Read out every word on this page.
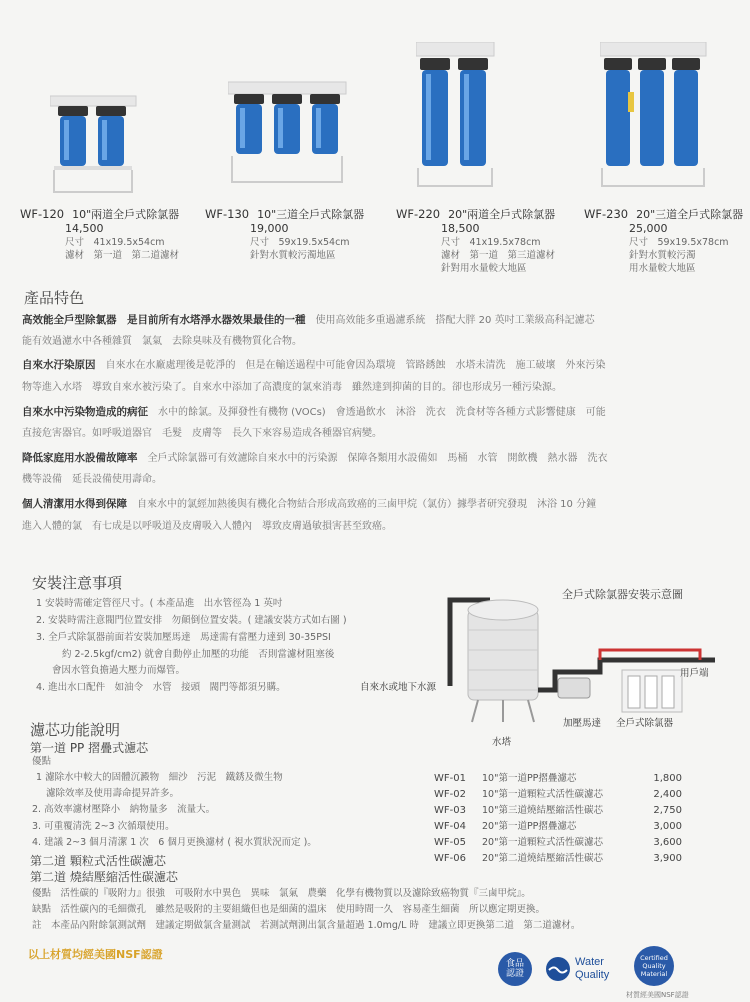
WF-120 10"兩道全戶式除氯器
14,500
尺寸　41x19.5x54cm
濾材　第一道　第二道濾材
WF-130 10"三道全戶式除氯器
19,000
尺寸　59x19.5x54cm
針對水質較污濁地區
WF-220 20"兩道全戶式除氯器
18,500
尺寸　41x19.5x78cm
濾材　第一道　第三道濾材
針對用水量較大地區
WF-230 20"三道全戶式除氯器
25,000
尺寸　59x19.5x78cm
針對水質較污濁
用水量較大地區
產品特色
高效能全戶型除氯器　是目前所有水塔淨水器效果最佳的一種 使用高效能多重過濾系統　搭配大胖 20 英吋工業級高科記濾芯
能有效過濾水中各種雜質　氯氣　去除臭味及有機物質化合物。
自來水汙染原因 自來水在水廠處理後是乾淨的　但是在輸送過程中可能會因為環境　管路銹蝕　水塔未清洗　施工破壞　外來污染
物等進入水塔　導致自來水被污染了。自來水中添加了高濃度的氯來消毒　雖然達到抑菌的目的。卻也形成另一種污染源。
自來水中污染物造成的病征 水中的餘氯。及揮發性有機物 (VOCs)　會透過飲水　沐浴　洗衣　洗食材等各種方式影響健康　可能
直接危害器官。如呼吸道器官　毛髮　皮膚等　長久下來容易造成各種器官病變。
降低家庭用水設備故障率 全戶式除氯器可有效濾除自來水中的污染源　保障各類用水設備如　馬桶　水管　開飲機　熱水器　洗衣
機等設備　延長設備使用壽命。
個人清潔用水得到保障 自來水中的氯經加熱後與有機化合物結合形成高致癌的三鹵甲烷（氯仿）據學者研究發現　沐浴 10 分鐘
進入人體的氯　有七成是以呼吸道及皮膚吸入人體內　導致皮膚過敏損害甚至致癌。
安裝注意事項
1 安裝時需確定管徑尺寸。( 本產品進　出水管徑為 1 英吋
2. 安裝時需注意閥門位置安排　勿顛倒位置安裝。( 建議安裝方式如右圖 )
3. 全戶式除氯器前面若安裝加壓馬達　馬達需有當壓力達到 30-35PSI
約 2-2.5kgf/cm2) 就會自動停止加壓的功能　否則當濾材阻塞後
會因水管負擔過大壓力而爆管。
4. 進出水口配件　如油令　水管　接頭　閥門等都須另購。
全戶式除氯器安裝示意圖
自來水或地下水源
水塔
加壓馬達 全戶式除氯器
用戶端
濾芯功能說明
第一道 PP 摺疊式濾芯
優點
1 濾除水中較大的固體沉澱物　細沙　污泥　鐵銹及微生物
濾除效率及使用壽命提昇許多。
2. 高效率濾材壓降小　納物量多　流量大。
3. 可重覆清洗 2~3 次循環使用。
4. 建議 2~3 個月清潔 1 次　6 個月更換濾材 ( 視水質狀況而定 )。
第二道 顆粒式活性碳濾芯
第二道 燒結壓縮活性碳濾芯
優點　活性碳的『吸附力』很強　可吸附水中異色　異味　氯氣　農藥　化學有機物質以及濾除致癌物質『三鹵甲烷』。
缺點　活性碳內的毛細微孔　雖然是吸附的主要組織但也是細菌的溫床　使用時間一久　容易產生細菌　所以應定期更換。
註　本產品內附餘氯測試劑　建議定期做氯含量測試　若測試劑測出氯含量超過 1.0mg/L 時　建議立即更換第二道　第二道濾材。
WF-01 10"第一道PP摺疊濾芯	1,800
WF-02 10"第一道顆粒式活性碳濾芯	2,400
WF-03 10"第三道燒結壓縮活性碳芯	2,750
WF-04 20"第一道PP摺疊濾芯	3,000
WF-05 20"第一道顆粒式活性碳濾芯	3,600
WF-06 20"第二道燒結壓縮活性碳芯	3,900
以上材質均經美國NSF認證
食品
認證
Water
Quality
Certified
Quality
Material
材質經美國NSF認證
